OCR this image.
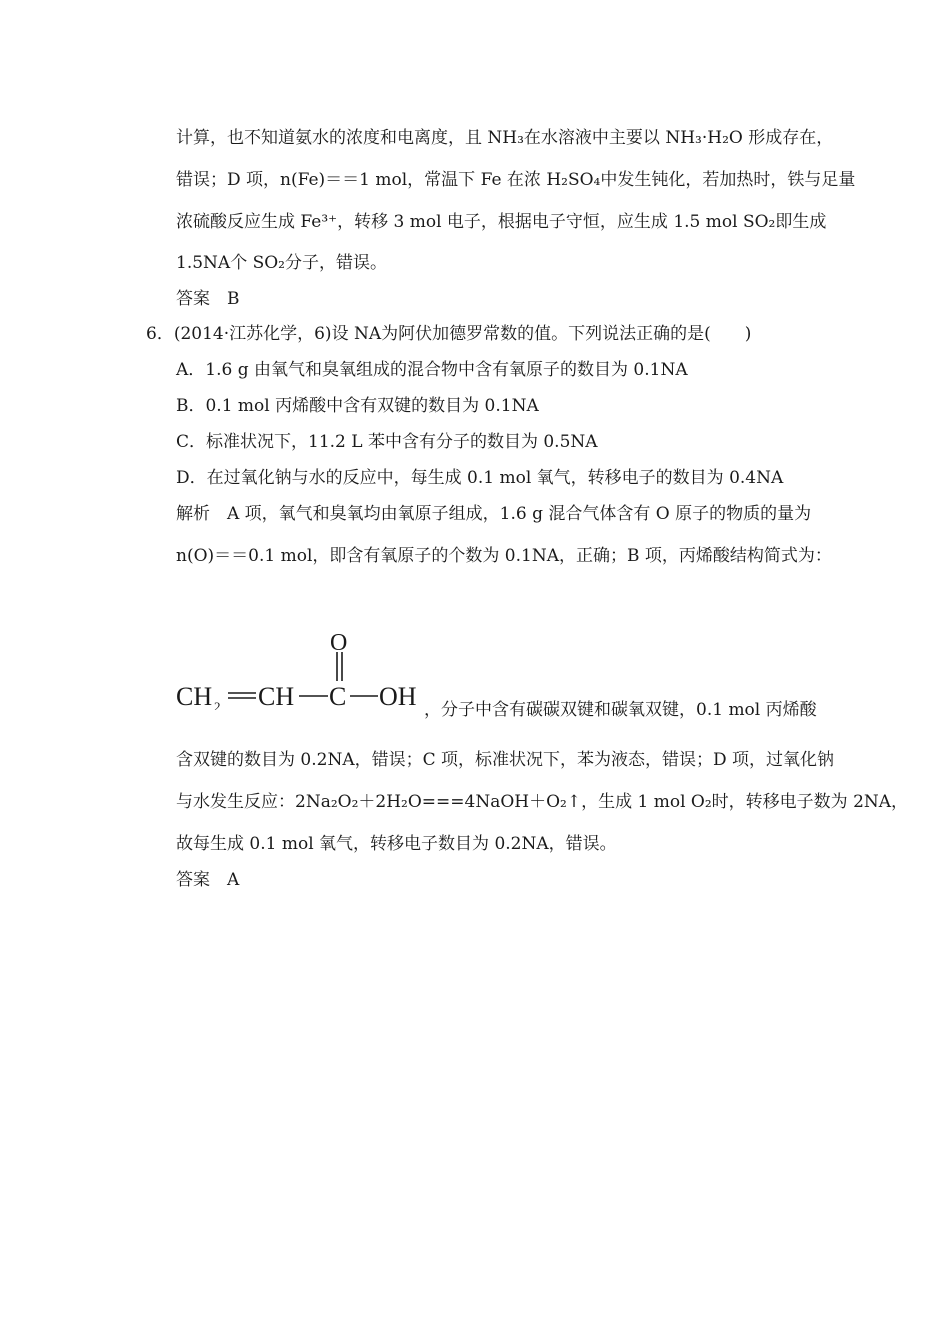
计算，也不知道氨水的浓度和电离度，且 NH₃在水溶液中主要以 NH₃·H₂O 形成存在，
错误；D 项，n(Fe)＝＝1 mol，常温下 Fe 在浓 H₂SO₄中发生钝化，若加热时，铁与足量
浓硫酸反应生成 Fe³⁺，转移 3 mol 电子，根据电子守恒，应生成 1.5 mol SO₂即生成
1.5NA个 SO₂分子，错误。
答案　B
6．(2014·江苏化学，6)设 NA为阿伏加德罗常数的值。下列说法正确的是(　　)
A．1.6 g 由氧气和臭氧组成的混合物中含有氧原子的数目为 0.1NA
B．0.1 mol 丙烯酸中含有双键的数目为 0.1NA
C．标准状况下，11.2 L 苯中含有分子的数目为 0.5NA
D．在过氧化钠与水的反应中，每生成 0.1 mol 氧气，转移电子的数目为 0.4NA
解析　A 项，氧气和臭氧均由氧原子组成，1.6 g 混合气体含有 O 原子的物质的量为
n(O)＝＝0.1 mol，即含有氧原子的个数为 0.1NA，正确；B 项，丙烯酸结构简式为：
CH 2 CH C
O
OH ，分子中含有碳碳双键和碳氧双键，0.1 mol 丙烯酸
含双键的数目为 0.2NA，错误；C 项，标准状况下，苯为液态，错误；D 项，过氧化钠
与水发生反应：2Na₂O₂＋2H₂O===4NaOH＋O₂↑，生成 1 mol O₂时，转移电子数为 2NA，
故每生成 0.1 mol 氧气，转移电子数目为 0.2NA，错误。
答案　A
